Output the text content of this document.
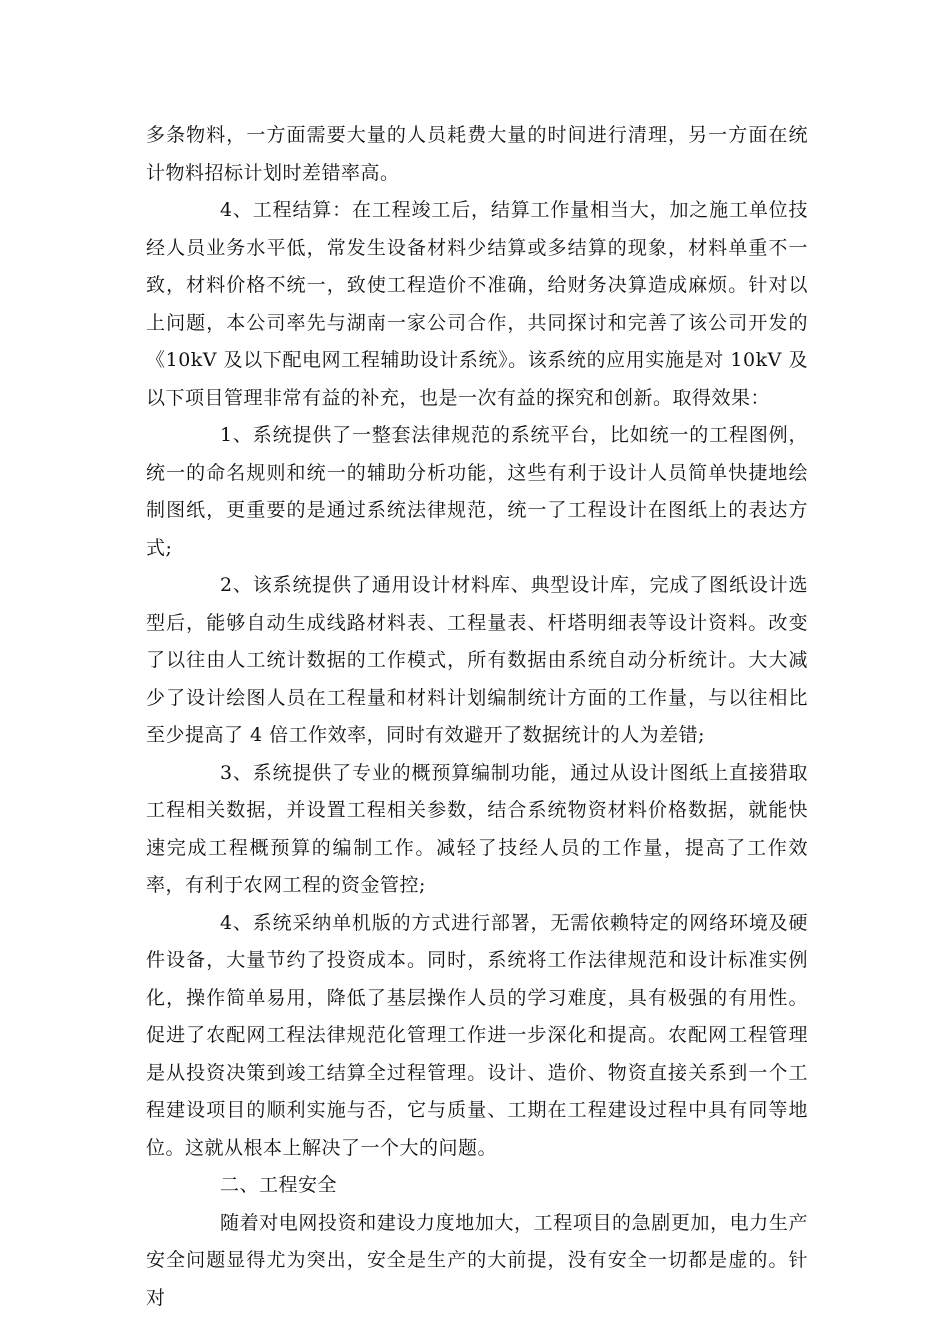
多条物料，一方面需要大量的人员耗费大量的时间进行清理，另一方面在统计物料招标计划时差错率高。

4、工程结算：在工程竣工后，结算工作量相当大，加之施工单位技经人员业务水平低，常发生设备材料少结算或多结算的现象，材料单重不一致，材料价格不统一，致使工程造价不准确，给财务决算造成麻烦。针对以上问题，本公司率先与湖南一家公司合作，共同探讨和完善了该公司开发的《10kV 及以下配电网工程辅助设计系统》。该系统的应用实施是对 10kV 及以下项目管理非常有益的补充，也是一次有益的探究和创新。取得效果：

1、系统提供了一整套法律规范的系统平台，比如统一的工程图例，统一的命名规则和统一的辅助分析功能，这些有利于设计人员简单快捷地绘制图纸，更重要的是通过系统法律规范，统一了工程设计在图纸上的表达方式;

2、该系统提供了通用设计材料库、典型设计库，完成了图纸设计选型后，能够自动生成线路材料表、工程量表、杆塔明细表等设计资料。改变了以往由人工统计数据的工作模式，所有数据由系统自动分析统计。大大减少了设计绘图人员在工程量和材料计划编制统计方面的工作量，与以往相比至少提高了 4 倍工作效率，同时有效避开了数据统计的人为差错;

3、系统提供了专业的概预算编制功能，通过从设计图纸上直接猎取工程相关数据，并设置工程相关参数，结合系统物资材料价格数据，就能快速完成工程概预算的编制工作。减轻了技经人员的工作量，提高了工作效率，有利于农网工程的资金管控;

4、系统采纳单机版的方式进行部署，无需依赖特定的网络环境及硬件设备，大量节约了投资成本。同时，系统将工作法律规范和设计标准实例化，操作简单易用，降低了基层操作人员的学习难度，具有极强的有用性。促进了农配网工程法律规范化管理工作进一步深化和提高。农配网工程管理是从投资决策到竣工结算全过程管理。设计、造价、物资直接关系到一个工程建设项目的顺利实施与否，它与质量、工期在工程建设过程中具有同等地位。这就从根本上解决了一个大的问题。

二、工程安全

随着对电网投资和建设力度地加大，工程项目的急剧更加，电力生产安全问题显得尤为突出，安全是生产的大前提，没有安全一切都是虚的。针对
